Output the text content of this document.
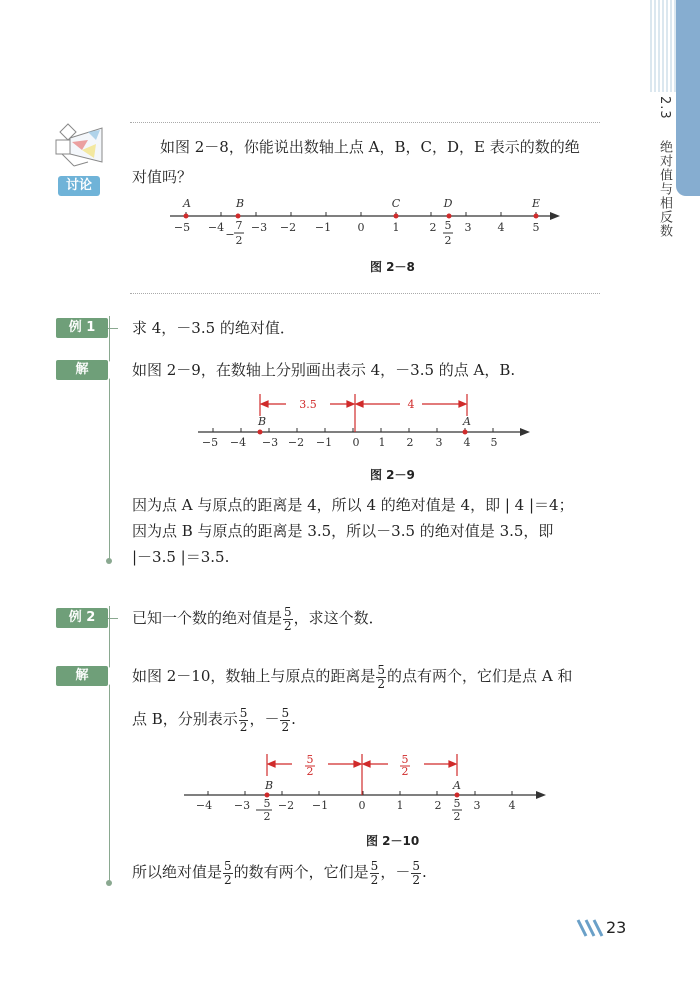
2.3  绝对值与相反数
讨论
如图 2－8，你能说出数轴上点 A，B，C，D，E 表示的数的绝
对值吗？
A	B	C	D	E
−5 −4 −3 −2 −1 0	1	2	3 4	5
−
7
2
5
2
图 2－8
例 1	求 4，－3.5 的绝对值．
解	如图 2－9，在数轴上分别画出表示 4，－3.5 的点 A，B.
3.5	4
B	A
−5 −4 −3 −2 −1 0 1 2 3 4 5
图 2－9
因为点 A 与原点的距离是 4，所以 4 的绝对值是 4，即 | 4 |＝4；
因为点 B 与原点的距离是 3.5，所以－3.5 的绝对值是 3.5，即
|－3.5 |＝3.5.
例 2	已知一个数的绝对值是 $\frac{5}{2}$ ，求这个数．
解	如图 2－10，数轴上与原点的距离是 $\frac{5}{2}$ 的点有两个，它们是点 A 和
点 B，分别表示 $\frac{5}{2}$ ，－ $\frac{5}{2}$ .
5
2
5
2
B	A
−4 −3	−2 −1	0	1	2	3	4
5
2
5
2
图 2－10
所以绝对值是 $\frac{5}{2}$ 的数有两个，它们是 $\frac{5}{2}$ ，－ $\frac{5}{2}$ .
23
